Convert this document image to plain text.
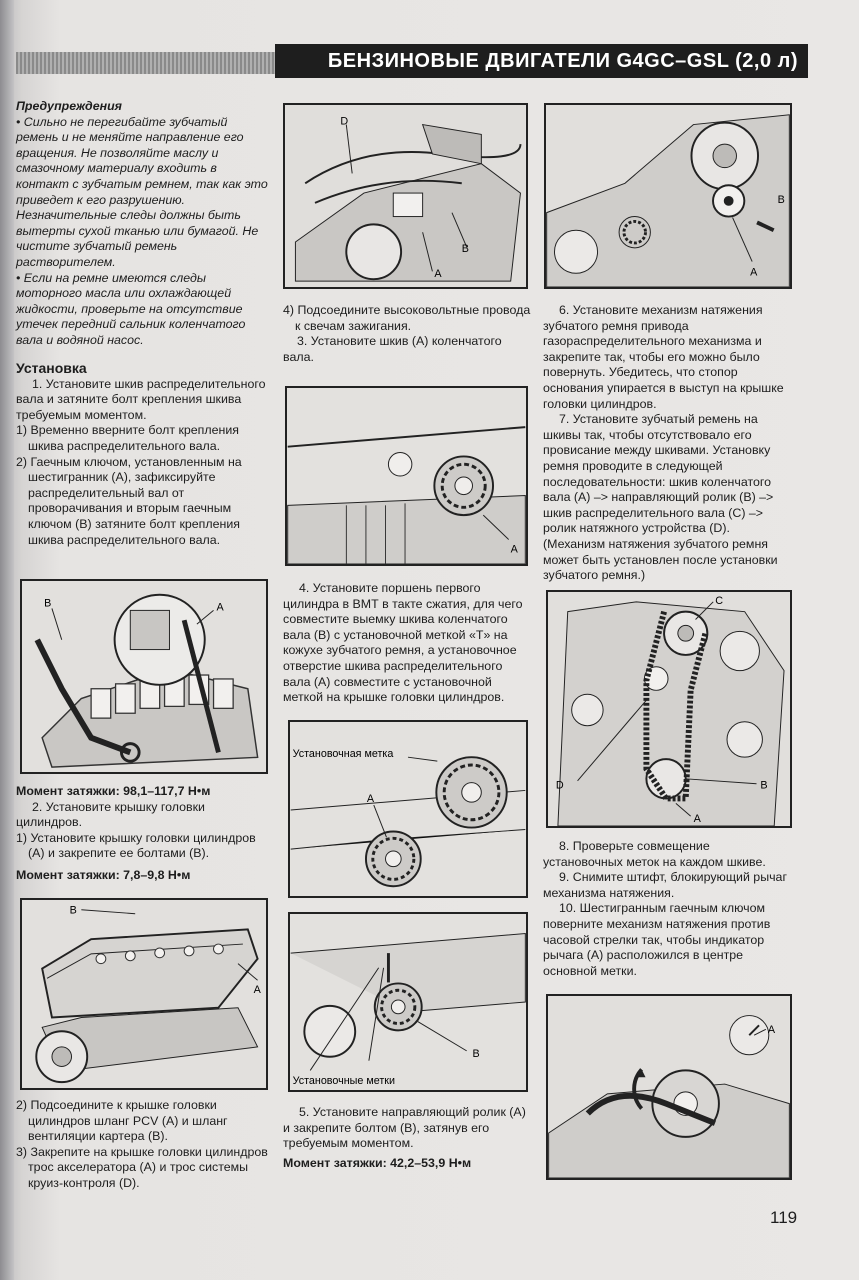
БЕНЗИНОВЫЕ ДВИГАТЕЛИ G4GC–GSL (2,0 л)

Предупреждения

• Сильно не перегибайте зубчатый ремень и не меняйте направление его вращения. Не позволяйте маслу и смазочному материалу входить в контакт с зубчатым ремнем, так как это приведет к его разрушению. Незначительные следы должны быть вытерты сухой тканью или бумагой. Не чистите зубчатый ремень растворителем.

• Если на ремне имеются следы моторного масла или охлаждающей жидкости, проверьте на отсутствие утечек передний сальник коленчатого вала и водяной насос.

Установка

1. Установите шкив распределительного вала и затяните болт крепления шкива требуемым моментом.

1) Временно вверните болт крепления шкива распределительного вала.

2) Гаечным ключом, установленным на шестигранник (A), зафиксируйте распределительный вал от проворачивания и вторым гаечным ключом (B) затяните болт крепления шкива распределительного вала.

A
B

Момент затяжки: 98,1–117,7 Н•м

2. Установите крышку головки цилиндров.

1) Установите крышку головки цилиндров (A) и закрепите ее болтами (B).

Момент затяжки: 7,8–9,8 Н•м

B
A

2) Подсоедините к крышке головки цилиндров шланг PCV (A) и шланг вентиляции картера (B).

3) Закрепите на крышке головки цилиндров трос акселератора (A) и трос системы круиз-контроля (D).

D
B
A

4) Подсоедините высоковольтные провода к свечам зажигания.

3. Установите шкив (A) коленчатого вала.

A

4. Установите поршень первого цилиндра в ВМТ в такте сжатия, для чего совместите выемку шкива коленчатого вала (B) с установочной меткой «T» на кожухе зубчатого ремня, а установочное отверстие шкива распределительного вала (A) совместите с установочной меткой на крышке головки цилиндров.

Установочная метка
A
B
Установочные метки

5. Установите направляющий ролик (A) и закрепите болтом (B), затянув его требуемым моментом.

Момент затяжки: 42,2–53,9 Н•м

B
A

6. Установите механизм натяжения зубчатого ремня привода газораспределительного механизма и закрепите так, чтобы его можно было повернуть. Убедитесь, что стопор основания упирается в выступ на крышке головки цилиндров.

7. Установите зубчатый ремень на шкивы так, чтобы отсутствовало его провисание между шкивами. Установку ремня проводите в следующей последовательности: шкив коленчатого вала (A) –> направляющий ролик (B) –> шкив распределительного вала (C) –> ролик натяжного устройства (D). (Механизм натяжения зубчатого ремня может быть установлен после установки зубчатого ремня.)

C
B
A
D

8. Проверьте совмещение установочных меток на каждом шкиве.

9. Снимите штифт, блокирующий рычаг механизма натяжения.

10. Шестигранным гаечным ключом поверните механизм натяжения против часовой стрелки так, чтобы индикатор рычага (A) расположился в центре основной метки.

A
119
